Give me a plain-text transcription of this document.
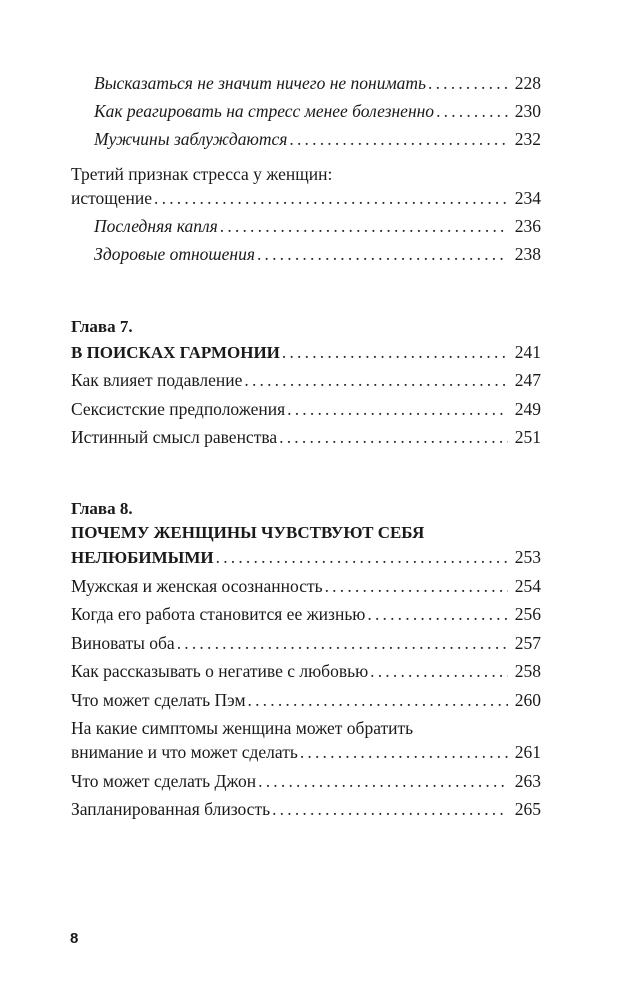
Высказаться не значит ничего не понимать .....	228
Как реагировать на стресс менее болезненно .....	230
Мужчины заблуждаются .....	232
Третий признак стресса у женщин:
истощение .....	234
Последняя капля .....	236
Здоровые отношения .....	238
Глава 7.
В ПОИСКАХ ГАРМОНИИ .....	241
Как влияет подавление .....	247
Сексистские предположения .....	249
Истинный смысл равенства .....	251
Глава 8.
ПОЧЕМУ ЖЕНЩИНЫ ЧУВСТВУЮТ СЕБЯ
НЕЛЮБИМЫМИ .....	253
Мужская и женская осознанность .....	254
Когда его работа становится ее жизнью .....	256
Виноваты оба .....	257
Как рассказывать о негативе с любовью .....	258
Что может сделать Пэм .....	260
На какие симптомы женщина может обратить
внимание и что может сделать .....	261
Что может сделать Джон .....	263
Запланированная близость .....	265
8
